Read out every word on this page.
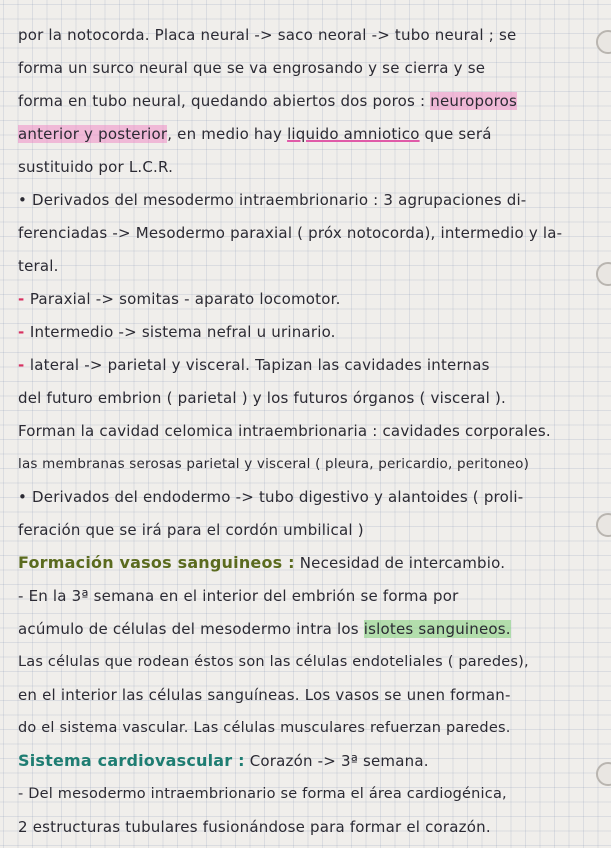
por la notocorda. Placa neural -> saco neoral -> tubo neural ; se
forma un surco neural que se va engrosando y se cierra y se
forma en tubo neural, quedando abiertos dos poros : neuroporos
anterior y posterior, en medio hay liquido amniotico que será
sustituido por L.C.R.
• Derivados del mesodermo intraembrionario : 3 agrupaciones di-
ferenciadas -> Mesodermo paraxial ( próx notocorda), intermedio y la-
teral.
- Paraxial -> somitas - aparato locomotor.
- Intermedio -> sistema nefral u urinario.
- lateral -> parietal y visceral. Tapizan las cavidades internas
del futuro embrion ( parietal ) y los futuros órganos ( visceral ).
Forman la cavidad celomica intraembrionaria : cavidades corporales.
las membranas serosas parietal y visceral ( pleura, pericardio, peritoneo)
• Derivados del endodermo -> tubo digestivo y alantoides ( proli-
feración que se irá para el cordón umbilical )
Formación vasos sanguineos : Necesidad de intercambio.
- En la 3ª semana en el interior del embrión se forma por
acúmulo de células del mesodermo intra los islotes sanguineos.
Las células que rodean éstos son las células endoteliales ( paredes),
en el interior las células sanguíneas. Los vasos se unen forman-
do el sistema vascular. Las células musculares refuerzan paredes.
Sistema cardiovascular : Corazón -> 3ª semana.
- Del mesodermo intraembrionario se forma el área cardiogénica,
2 estructuras tubulares fusionándose para formar el corazón.
